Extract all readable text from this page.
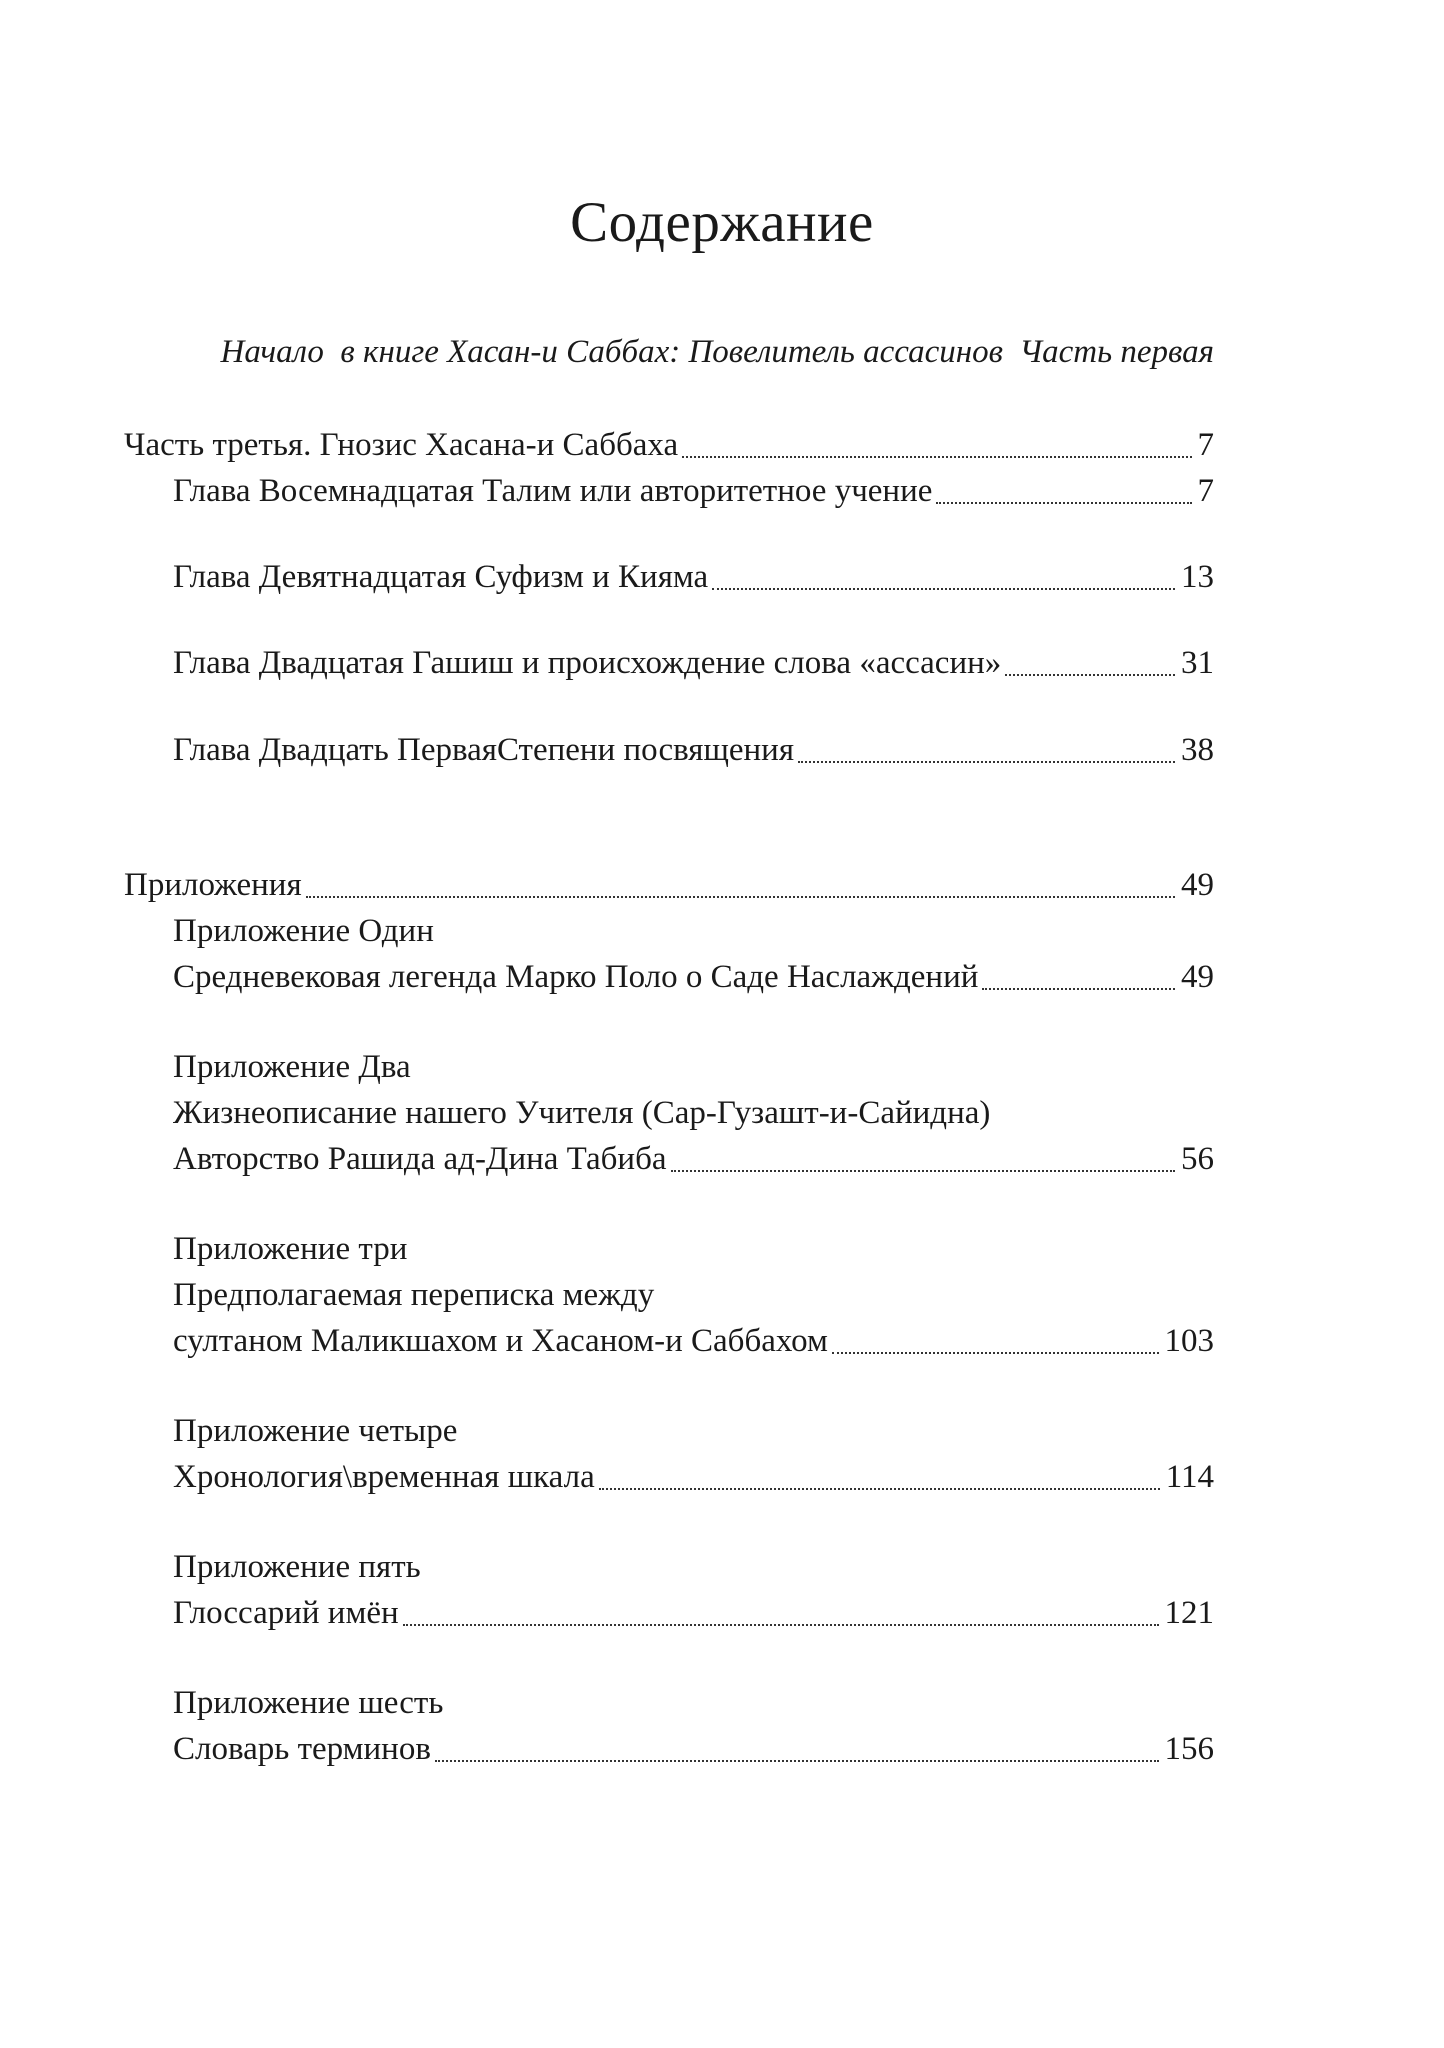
Содержание
Начало  в книге Хасан-и Саббах: Повелитель ассасинов  Часть первая
Часть третья. Гнозис Хасана-и Саббаха	7
Глава Восемнадцатая Талим или авторитетное учение	7
Глава Девятнадцатая Суфизм и Кияма	13
Глава Двадцатая Гашиш и происхождение слова «ассасин»	31
Глава Двадцать ПерваяСтепени посвящения	38
Приложения	49
Приложение Один
Средневековая легенда Марко Поло о Саде Наслаждений	49
Приложение Два
Жизнеописание нашего Учителя (Сар-Гузашт-и-Сайидна)
Авторство Рашида ад-Дина Табиба	56
Приложение три
Предполагаемая переписка между
султаном Маликшахом и Хасаном-и Саббахом	103
Приложение четыре
Хронология\временная шкала	114
Приложение пять
Глоссарий имён	121
Приложение шесть
Словарь терминов	156
